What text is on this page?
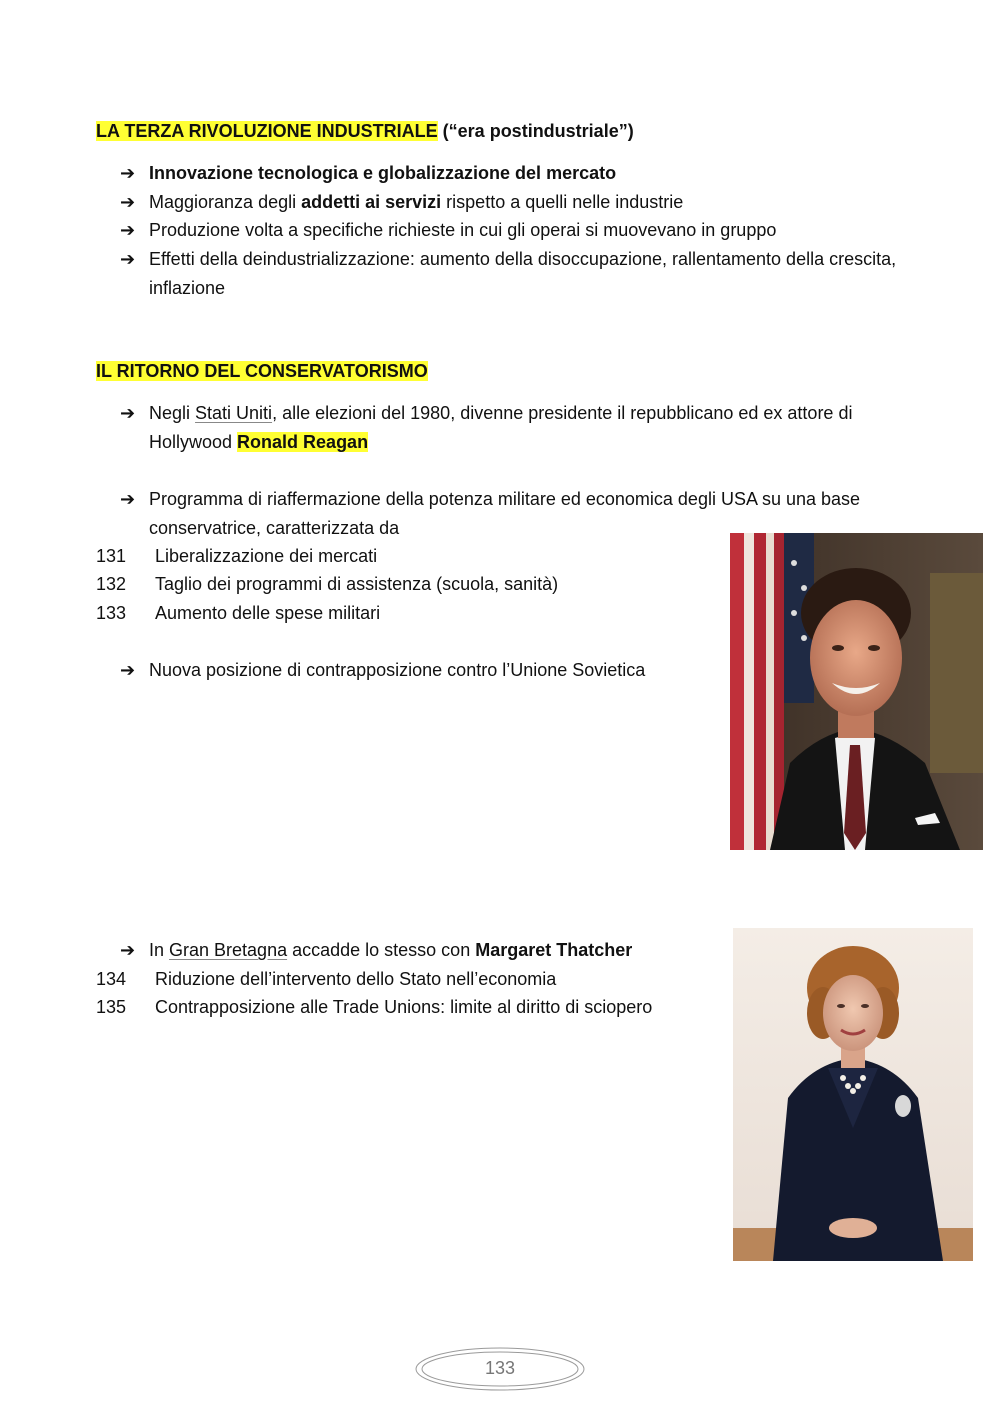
LA TERZA RIVOLUZIONE INDUSTRIALE (“era postindustriale”)
➔ Innovazione tecnologica e globalizzazione del mercato
➔ Maggioranza degli addetti ai servizi rispetto a quelli nelle industrie
➔ Produzione volta a specifiche richieste in cui gli operai si muovevano in gruppo
➔ Effetti della deindustrializzazione: aumento della disoccupazione, rallentamento della crescita, inflazione
IL RITORNO DEL CONSERVATORISMO
➔ Negli Stati Uniti, alle elezioni del 1980, divenne presidente il repubblicano ed ex attore di Hollywood Ronald Reagan
➔ Programma di riaffermazione della potenza militare ed economica degli USA su una base conservatrice, caratterizzata da
131 Liberalizzazione dei mercati
132 Taglio dei programmi di assistenza (scuola, sanità)
133 Aumento delle spese militari
➔ Nuova posizione di contrapposizione contro l’Unione Sovietica
➔ In Gran Bretagna accadde lo stesso con Margaret Thatcher
134 Riduzione dell’intervento dello Stato nell’economia
135 Contrapposizione alle Trade Unions: limite al diritto di sciopero
133
